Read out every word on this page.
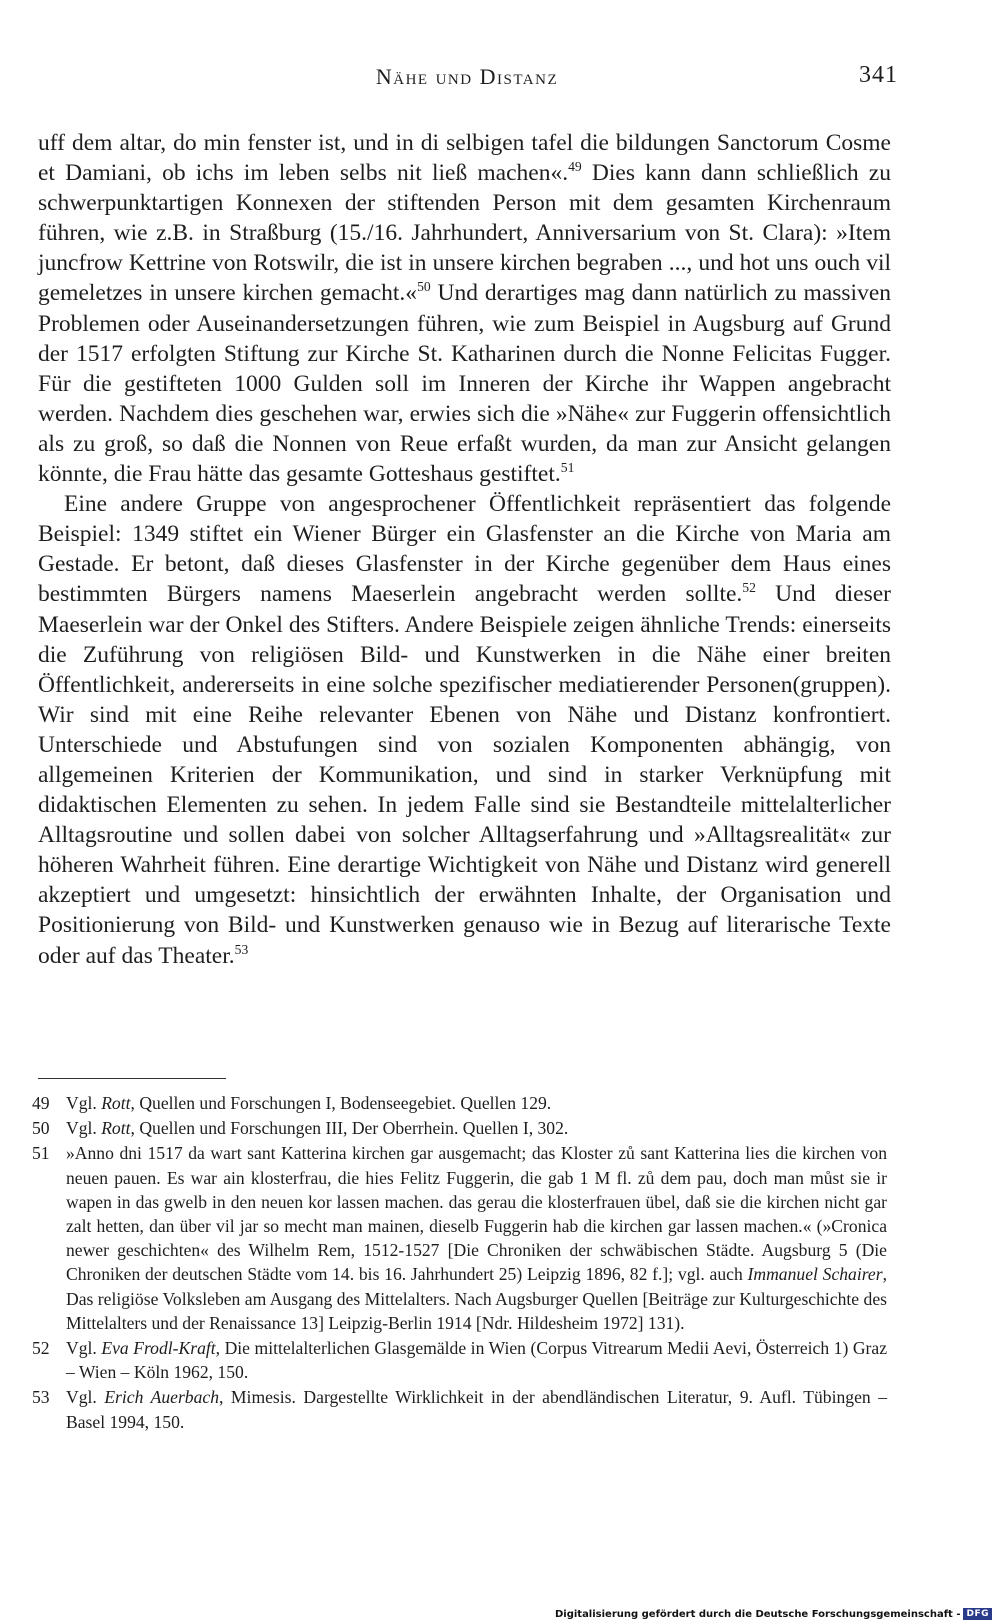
Nähe und Distanz	341

uff dem altar, do min fenster ist, und in di selbigen tafel die bildungen Sanctorum Cosme et Damiani, ob ichs im leben selbs nit ließ machen«.$^{49}$ Dies kann dann schließlich zu schwerpunktartigen Konnexen der stiftenden Person mit dem gesamten Kirchenraum führen, wie z.B. in Straßburg (15./16. Jahrhundert, Anniversarium von St. Clara): »Item juncfrow Kettrine von Rotswilr, die ist in unsere kirchen begraben ..., und hot uns ouch vil gemeletzes in unsere kirchen gemacht.«$^{50}$ Und derartiges mag dann natürlich zu massiven Problemen oder Auseinandersetzungen führen, wie zum Beispiel in Augsburg auf Grund der 1517 erfolgten Stiftung zur Kirche St. Katharinen durch die Nonne Felicitas Fugger. Für die gestifteten 1000 Gulden soll im Inneren der Kirche ihr Wappen angebracht werden. Nachdem dies geschehen war, erwies sich die »Nähe« zur Fuggerin offensichtlich als zu groß, so daß die Nonnen von Reue erfaßt wurden, da man zur Ansicht gelangen könnte, die Frau hätte das gesamte Gotteshaus gestiftet.$^{51}$

Eine andere Gruppe von angesprochener Öffentlichkeit repräsentiert das folgende Beispiel: 1349 stiftet ein Wiener Bürger ein Glasfenster an die Kirche von Maria am Gestade. Er betont, daß dieses Glasfenster in der Kirche gegenüber dem Haus eines bestimmten Bürgers namens Maeserlein angebracht werden sollte.$^{52}$ Und dieser Maeserlein war der Onkel des Stifters. Andere Beispiele zeigen ähnliche Trends: einerseits die Zuführung von religiösen Bild- und Kunstwerken in die Nähe einer breiten Öffentlichkeit, andererseits in eine solche spezifischer mediatierender Personen(gruppen). Wir sind mit eine Reihe relevanter Ebenen von Nähe und Distanz konfrontiert. Unterschiede und Abstufungen sind von sozialen Komponenten abhängig, von allgemeinen Kriterien der Kommunikation, und sind in starker Verknüpfung mit didaktischen Elementen zu sehen. In jedem Falle sind sie Bestandteile mittelalterlicher Alltagsroutine und sollen dabei von solcher Alltagserfahrung und »Alltagsrealität« zur höheren Wahrheit führen. Eine derartige Wichtigkeit von Nähe und Distanz wird generell akzeptiert und umgesetzt: hinsichtlich der erwähnten Inhalte, der Organisation und Positionierung von Bild- und Kunstwerken genauso wie in Bezug auf literarische Texte oder auf das Theater.$^{53}$

49 Vgl. Rott, Quellen und Forschungen I, Bodenseegebiet. Quellen 129.
50 Vgl. Rott, Quellen und Forschungen III, Der Oberrhein. Quellen I, 302.
51 »Anno dni 1517 da wart sant Katterina kirchen gar ausgemacht; das Kloster zů sant Katterina lies die kirchen von neuen pauen. Es war ain klosterfrau, die hies Felitz Fuggerin, die gab 1 M fl. zů dem pau, doch man můst sie ir wapen in das gwelb in den neuen kor lassen machen. das gerau die klosterfrauen übel, daß sie die kirchen nicht gar zalt hetten, dan über vil jar so mecht man mainen, dieselb Fuggerin hab die kirchen gar lassen machen.« (»Cronica newer geschichten« des Wilhelm Rem, 1512-1527 [Die Chroniken der schwäbischen Städte. Augsburg 5 (Die Chroniken der deutschen Städte vom 14. bis 16. Jahrhundert 25) Leipzig 1896, 82 f.]; vgl. auch Immanuel Schairer, Das religiöse Volksleben am Ausgang des Mittelalters. Nach Augsburger Quellen [Beiträge zur Kulturgeschichte des Mittelalters und der Renaissance 13] Leipzig-Berlin 1914 [Ndr. Hildesheim 1972] 131).
52 Vgl. Eva Frodl-Kraft, Die mittelalterlichen Glasgemälde in Wien (Corpus Vitrearum Medii Aevi, Österreich 1) Graz – Wien – Köln 1962, 150.
53 Vgl. Erich Auerbach, Mimesis. Dargestellte Wirklichkeit in der abendländischen Literatur, 9. Aufl. Tübingen – Basel 1994, 150.
Digitalisierung gefördert durch die Deutsche Forschungsgemeinschaft - DFG
